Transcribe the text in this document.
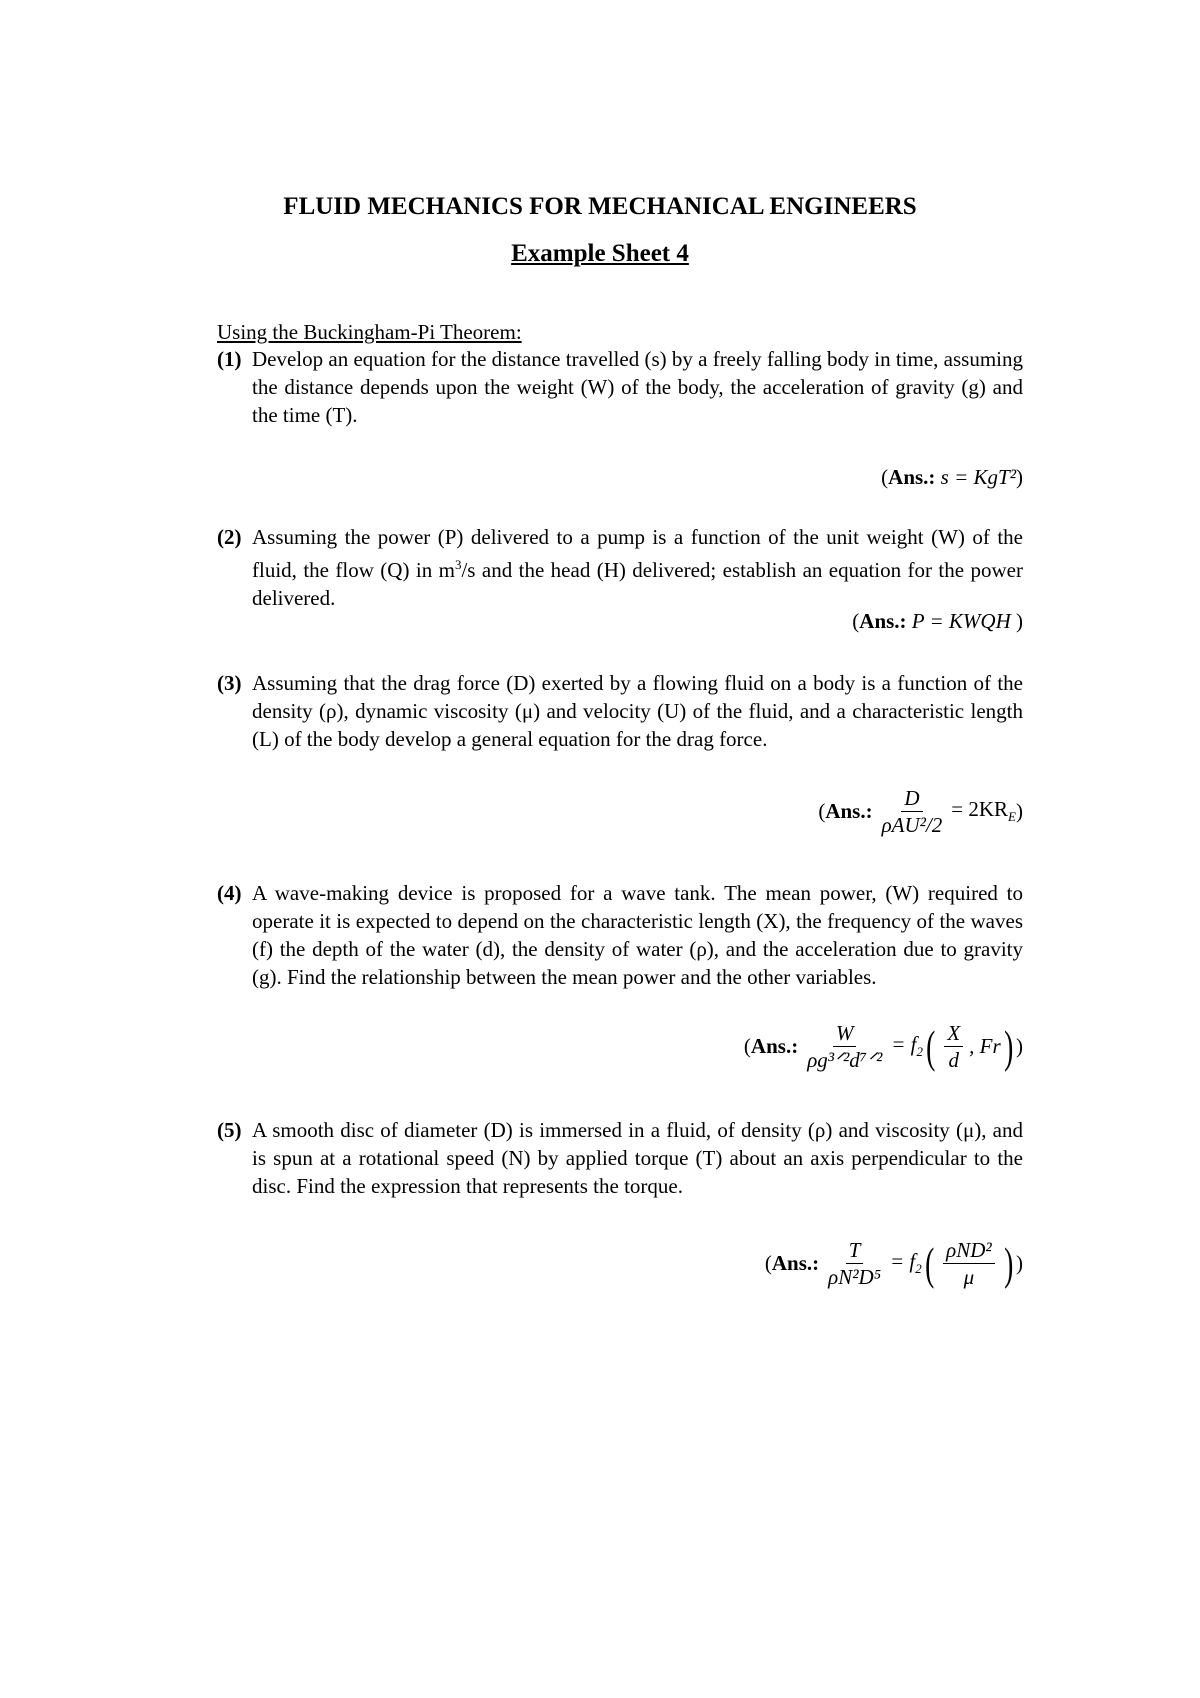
FLUID MECHANICS FOR MECHANICAL ENGINEERS
Example Sheet 4
Using the Buckingham-Pi Theorem:
(1) Develop an equation for the distance travelled (s) by a freely falling body in time, assuming the distance depends upon the weight (W) of the body, the acceleration of gravity (g) and the time (T).
( Ans.:
s = KgT² )
(2) Assuming the power (P) delivered to a pump is a function of the unit weight (W) of the fluid, the flow (Q) in $m^3/s$ and the head (H) delivered; establish an equation for the power delivered.
( Ans.:
P = KWQH )
(3) Assuming that the drag force (D) exerted by a flowing fluid on a body is a function of the density (ρ), dynamic viscosity (μ) and velocity (U) of the fluid, and a characteristic length (L) of the body develop a general equation for the drag force.
( Ans.: $\frac{D}{\text{ρAU²/2}} = 2KR_E$ )
(4) A wave-making device is proposed for a wave tank. The mean power, (W) required to operate it is expected to depend on the characteristic length (X), the frequency of the waves (f) the depth of the water (d), the density of water (ρ), and the acceleration due to gravity (g). Find the relationship between the mean power and the other variables.
( Ans.: $\frac{W}{\text{ρg³ᐟ²d⁷ᐟ²}} = f_2$ ( $\frac{X}{d}$ , Fr ) )
(5) A smooth disc of diameter (D) is immersed in a fluid, of density (ρ) and viscosity (μ), and is spun at a rotational speed (N) by applied torque (T) about an axis perpendicular to the disc. Find the expression that represents the torque.
( Ans.: $\frac{T}{\text{ρN²D⁵}} = f_2$ ( $\frac{\text{ρND²}}{\mu}$ ) )
